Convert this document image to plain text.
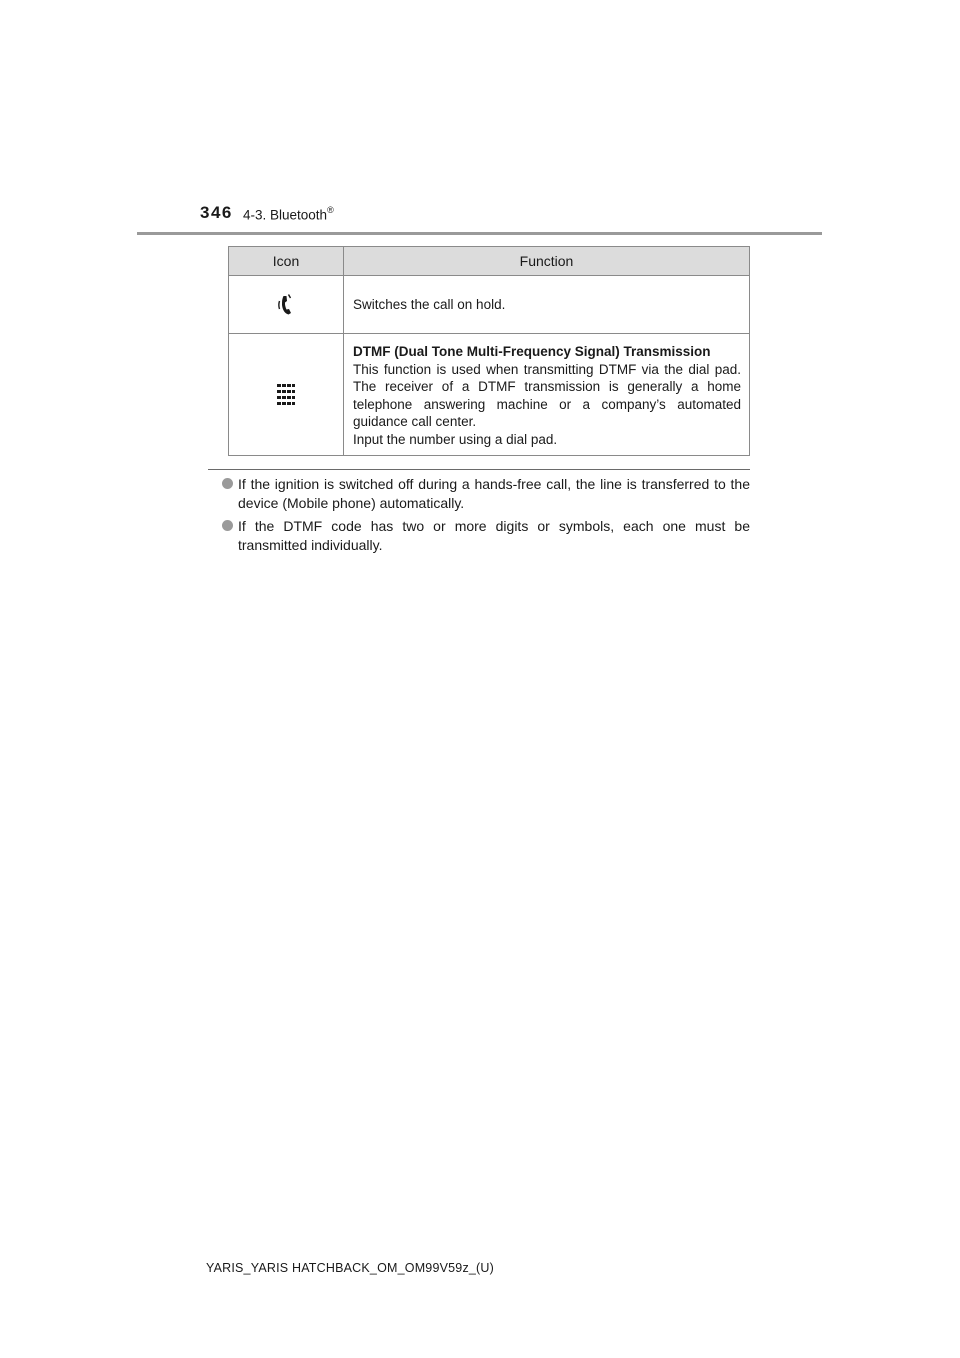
346 4-3. Bluetooth®
Icon	Function

Switches the call on hold.

DTMF (Dual Tone Multi-Frequency Signal) Transmission
This function is used when transmitting DTMF via the dial pad. The receiver of a DTMF transmission is generally a home telephone answering machine or a company’s automated guidance call center.
Input the number using a dial pad.
If the ignition is switched off during a hands-free call, the line is transferred to the device (Mobile phone) automatically.
If the DTMF code has two or more digits or symbols, each one must be transmitted individually.
YARIS_YARIS HATCHBACK_OM_OM99V59z_(U)
